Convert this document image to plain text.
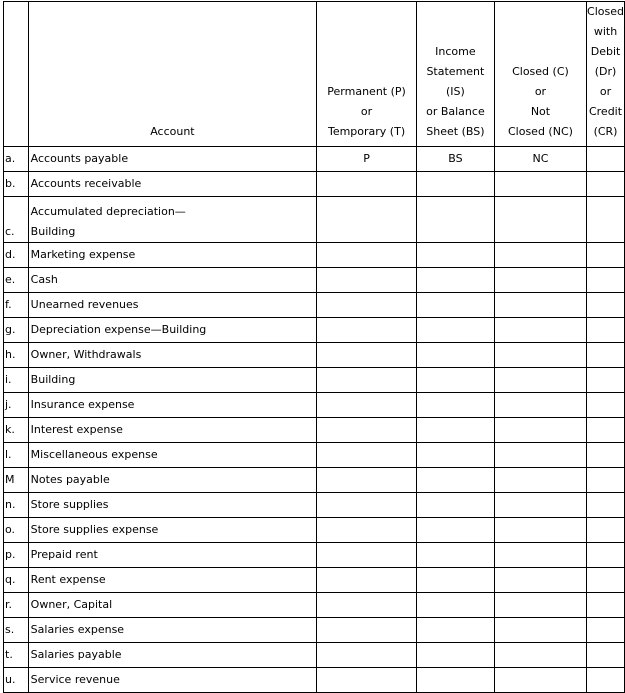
	Account	Permanent (P)
or
Temporary (T)	Income
Statement (IS)
or Balance
Sheet (BS)	Closed (C)
or
Not
Closed (NC)	Closed
with
Debit (Dr)
or
Credit (CR)

a.	Accounts payable	P	BS	NC	
b.	Accounts receivable				
c.	Accumulated depreciation—
Building				

d.	Marketing expense				
e.	Cash				
f.	Unearned revenues				
g.	Depreciation expense—Building				
h.	Owner, Withdrawals				
i.	Building				
j.	Insurance expense				
k.	Interest expense				
l.	Miscellaneous expense				
M	Notes payable				
n.	Store supplies				
o.	Store supplies expense				
p.	Prepaid rent				
q.	Rent expense				
r.	Owner, Capital				
s.	Salaries expense				
t.	Salaries payable				
u.	Service revenue				
